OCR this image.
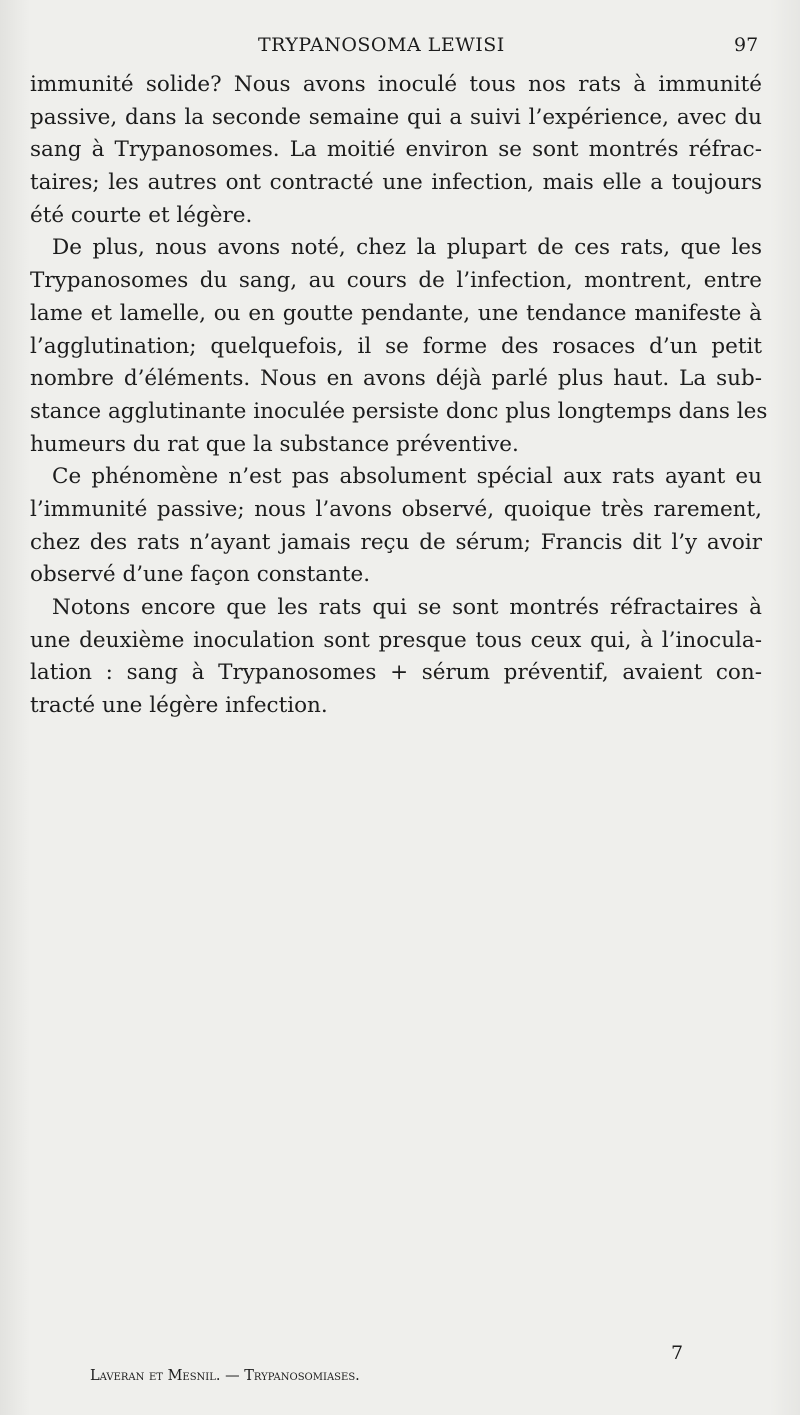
TRYPANOSOMA LEWISI	97
immunité solide? Nous avons inoculé tous nos rats à immunité
passive, dans la seconde semaine qui a suivi l’expérience, avec du
sang à Trypanosomes. La moitié environ se sont montrés réfrac-
taires; les autres ont contracté une infection, mais elle a toujours
été courte et légère.
De plus, nous avons noté, chez la plupart de ces rats, que les
Trypanosomes du sang, au cours de l’infection, montrent, entre
lame et lamelle, ou en goutte pendante, une tendance manifeste à
l’agglutination; quelquefois, il se forme des rosaces d’un petit
nombre d’éléments. Nous en avons déjà parlé plus haut. La sub-
stance agglutinante inoculée persiste donc plus longtemps dans les
humeurs du rat que la substance préventive.
Ce phénomène n’est pas absolument spécial aux rats ayant eu
l’immunité passive; nous l’avons observé, quoique très rarement,
chez des rats n’ayant jamais reçu de sérum; Francis dit l’y avoir
observé d’une façon constante.
Notons encore que les rats qui se sont montrés réfractaires à
une deuxième inoculation sont presque tous ceux qui, à l’inocula-
lation : sang à Trypanosomes + sérum préventif, avaient con-
tracté une légère infection.
Laveran et Mesnil. — Trypanosomiases.
7
